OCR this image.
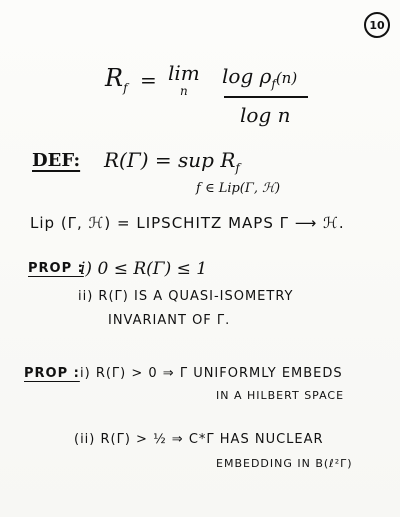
10
$R_f = \lim$
n
$\log \rho_f(n)$
log n
DEF: R(Γ) = sup $R_f$
f ∈ Lip(Γ, ℋ)
Lip (Γ, ℋ) = LIPSCHITZ MAPS Γ ⟶ ℋ.
PROP :
i) 0 ≤ R(Γ) ≤ 1
ii) R(Γ) IS A QUASI-ISOMETRY
INVARIANT OF Γ.
PROP : i) R(Γ) > 0 ⇒ Γ UNIFORMLY EMBEDS
IN A HILBERT SPACE
(ii) R(Γ) > ½ ⇒ C*Γ HAS NUCLEAR
EMBEDDING IN B(ℓ²Γ)
